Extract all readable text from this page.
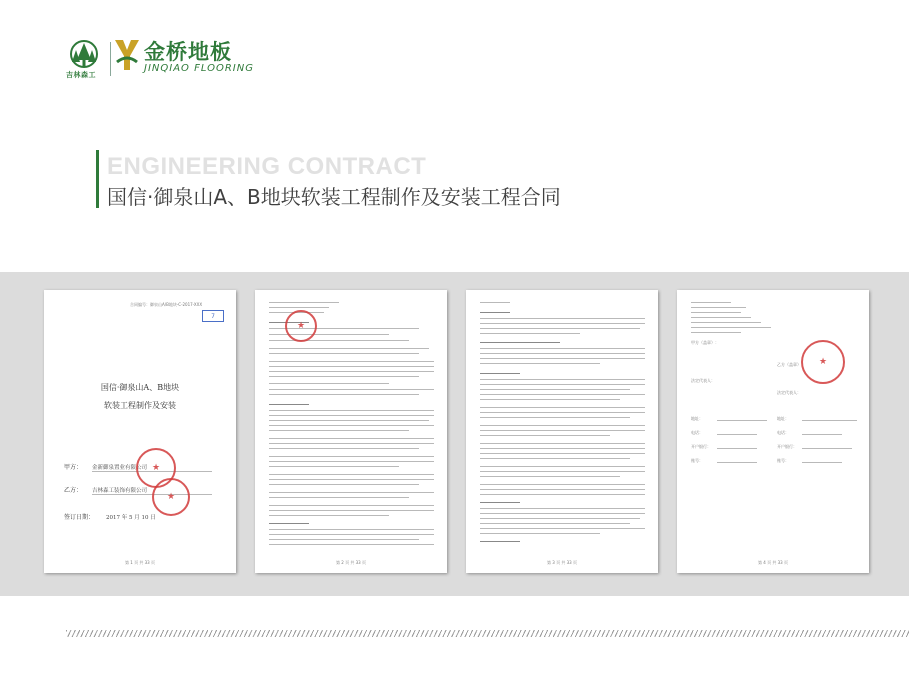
吉林森工
金桥地板
JINQIAO FLOORING
ENGINEERING CONTRACT
国信·御泉山A、B地块软装工程制作及安装工程合同
合同编号：御泉山A/B地块-C-2017-XXX
7
国信·御泉山A、B地块
软装工程制作及安装
甲方： 金新御泉置业有限公司
乙方： 吉林森工装饰有限公司
签订日期： 2017 年 5 月 10 日
★
★
第 1 页 共 33 页
★
第 2 页 共 33 页	第 3 页 共 33 页
甲方（盖章）：
乙方（盖章）：
法定代表人：
法定代表人：
地址：	地址：
电话：	电话：
开户银行：	开户银行：
账号：	账号：
★
第 4 页 共 33 页
